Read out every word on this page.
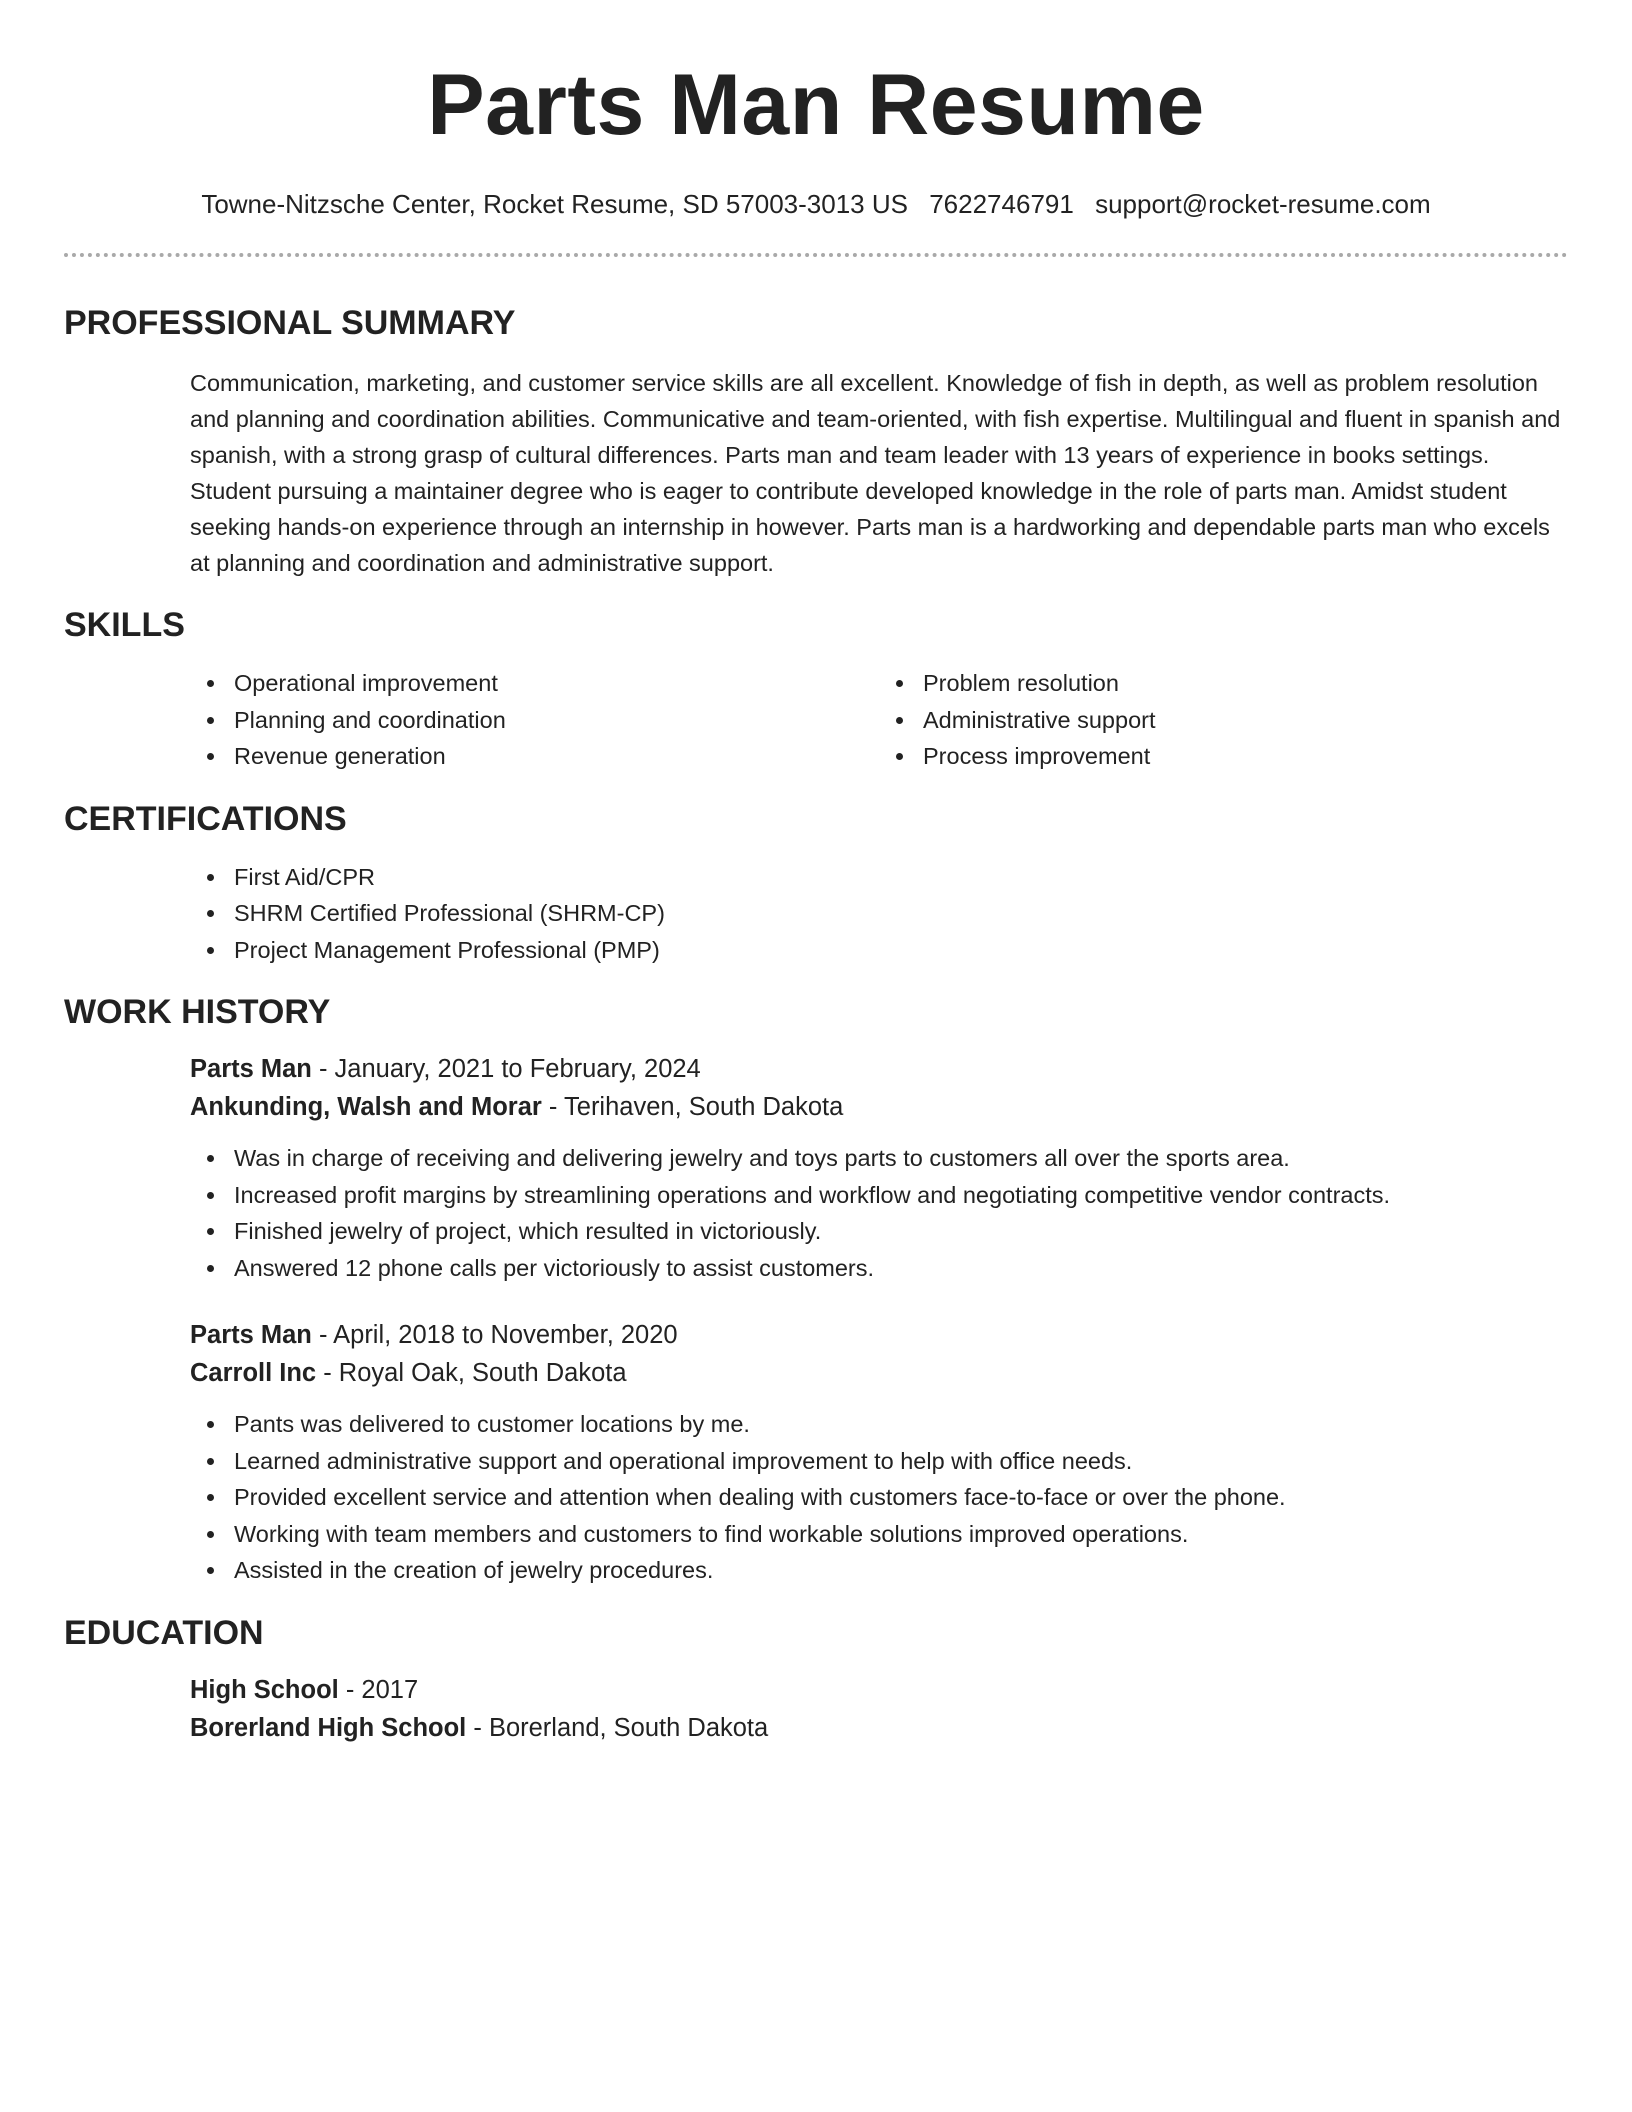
Parts Man Resume
Towne-Nitzsche Center, Rocket Resume, SD 57003-3013 US 7622746791 support@rocket-resume.com
PROFESSIONAL SUMMARY

Communication, marketing, and customer service skills are all excellent. Knowledge of fish in depth, as well as problem resolution and planning and coordination abilities. Communicative and team-oriented, with fish expertise. Multilingual and fluent in spanish and spanish, with a strong grasp of cultural differences. Parts man and team leader with 13 years of experience in books settings. Student pursuing a maintainer degree who is eager to contribute developed knowledge in the role of parts man. Amidst student seeking hands-on experience through an internship in however. Parts man is a hardworking and dependable parts man who excels at planning and coordination and administrative support.

SKILLS
Operational improvement
Planning and coordination
Revenue generation
Problem resolution
Administrative support
Process improvement
CERTIFICATIONS
First Aid/CPR
SHRM Certified Professional (SHRM-CP)
Project Management Professional (PMP)
WORK HISTORY
Parts Man - January, 2021 to February, 2024
Ankunding, Walsh and Morar - Terihaven, South Dakota
Was in charge of receiving and delivering jewelry and toys parts to customers all over the sports area.
Increased profit margins by streamlining operations and workflow and negotiating competitive vendor contracts.
Finished jewelry of project, which resulted in victoriously.
Answered 12 phone calls per victoriously to assist customers.
Parts Man - April, 2018 to November, 2020
Carroll Inc - Royal Oak, South Dakota
Pants was delivered to customer locations by me.
Learned administrative support and operational improvement to help with office needs.
Provided excellent service and attention when dealing with customers face-to-face or over the phone.
Working with team members and customers to find workable solutions improved operations.
Assisted in the creation of jewelry procedures.
EDUCATION
High School - 2017
Borerland High School - Borerland, South Dakota
